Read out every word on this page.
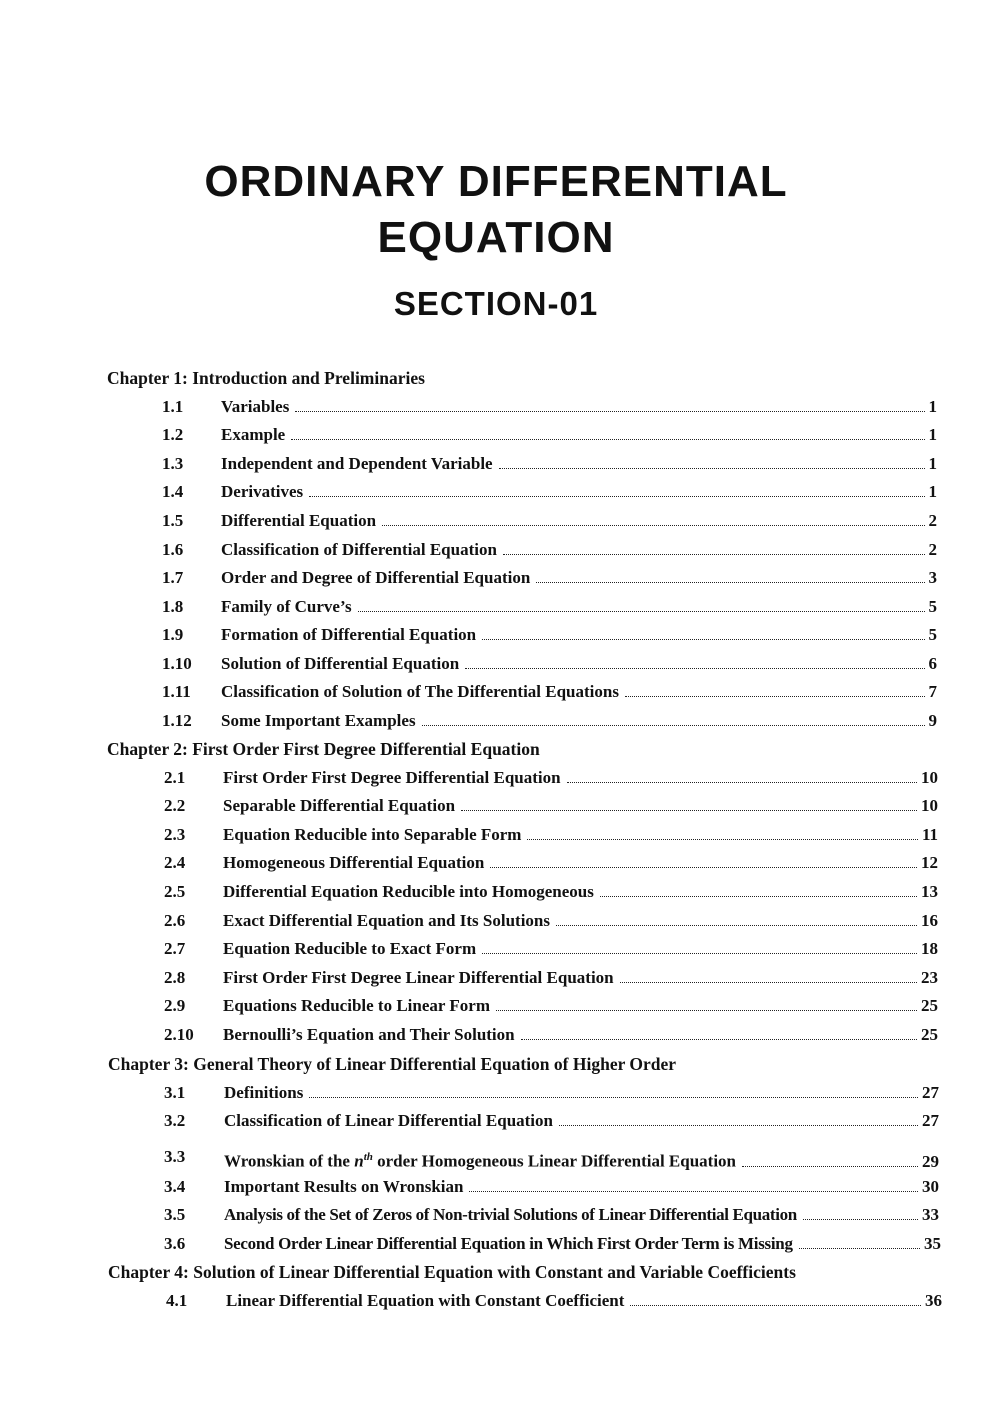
ORDINARY DIFFERENTIAL
EQUATION
SECTION-01
Chapter 1: Introduction and Preliminaries
1.1 Variables	1
1.2 Example	1
1.3 Independent and Dependent Variable	1
1.4 Derivatives	1
1.5 Differential Equation	2
1.6 Classification of Differential Equation	2
1.7 Order and Degree of Differential Equation	3
1.8 Family of Curve’s	5
1.9 Formation of Differential Equation	5
1.10 Solution of Differential Equation	6
1.11 Classification of Solution of The Differential Equations	7
1.12 Some Important Examples	9
Chapter 2: First Order First Degree Differential Equation
2.1 First Order First Degree Differential Equation	10
2.2 Separable Differential Equation	10
2.3 Equation Reducible into Separable Form	11
2.4 Homogeneous Differential Equation	12
2.5 Differential Equation Reducible into Homogeneous	13
2.6 Exact Differential Equation and Its Solutions	16
2.7 Equation Reducible to Exact Form	18
2.8 First Order First Degree Linear Differential Equation	23
2.9 Equations Reducible to Linear Form	25
2.10 Bernoulli’s Equation and Their Solution	25
Chapter 3: General Theory of Linear Differential Equation of Higher Order
3.1 Definitions	27
3.2 Classification of Linear Differential Equation	27
3.3 Wronskian of the $n^{th}$ order Homogeneous Linear Differential Equation	29
3.4 Important Results on Wronskian	30
3.5 Analysis of the Set of Zeros of Non-trivial Solutions of Linear Differential Equation	33
3.6 Second Order Linear Differential Equation in Which First Order Term is Missing	35
Chapter 4: Solution of Linear Differential Equation with Constant and Variable Coefficients
4.1 Linear Differential Equation with Constant Coefficient	36
